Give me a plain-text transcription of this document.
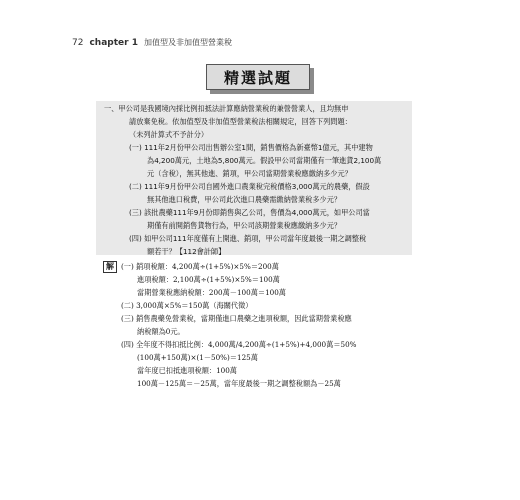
72 chapter 1 加值型及非加值型營業稅
精選試題
一、甲公司是我國境內採比例扣抵法計算應納營業稅的兼營營業人，且均無申
請放棄免稅。依加值型及非加值型營業稅法相關規定，回答下列問題：
（未列計算式不予計分）
(一) 111年2月份甲公司出售辦公室1間，銷售價格為新臺幣1億元，其中建物
為4,200萬元，土地為5,800萬元。假設甲公司當期僅有一筆進貨2,100萬
元（含稅），無其他進、銷項，甲公司當期營業稅應繳納多少元？
(二) 111年9月份甲公司自國外進口農業稅完稅價格3,000萬元的農藥，假設
無其他進口稅費，甲公司此次進口農藥需繳納營業稅多少元？
(三) 該批農藥111年9月份即銷售與乙公司，售價為4,000萬元，如甲公司當
期僅有前開銷售貨物行為，甲公司該期營業稅應繳納多少元？
(四) 如甲公司111年度僅有上開進、銷項，甲公司當年度最後一期之調整稅
額若干？【112會計師】
解 (一) 銷項稅額：4,200萬÷(1+5%)×5%＝200萬
進項稅額：2,100萬÷(1+5%)×5%＝100萬
當期營業稅應納稅額：200萬－100萬＝100萬
(二) 3,000萬×5%＝150萬（海關代徵）
(三) 銷售農藥免營業稅，當期僅進口農藥之進項稅額，因此當期營業稅應
納稅額為0元。
(四) 全年度不得扣抵比例：4,000萬/4,200萬÷(1+5%)+4,000萬＝50%
(100萬+150萬)×(1－50%)＝125萬
當年度已扣抵進項稅額：100萬
100萬－125萬＝－25萬，當年度最後一期之調整稅額為－25萬
